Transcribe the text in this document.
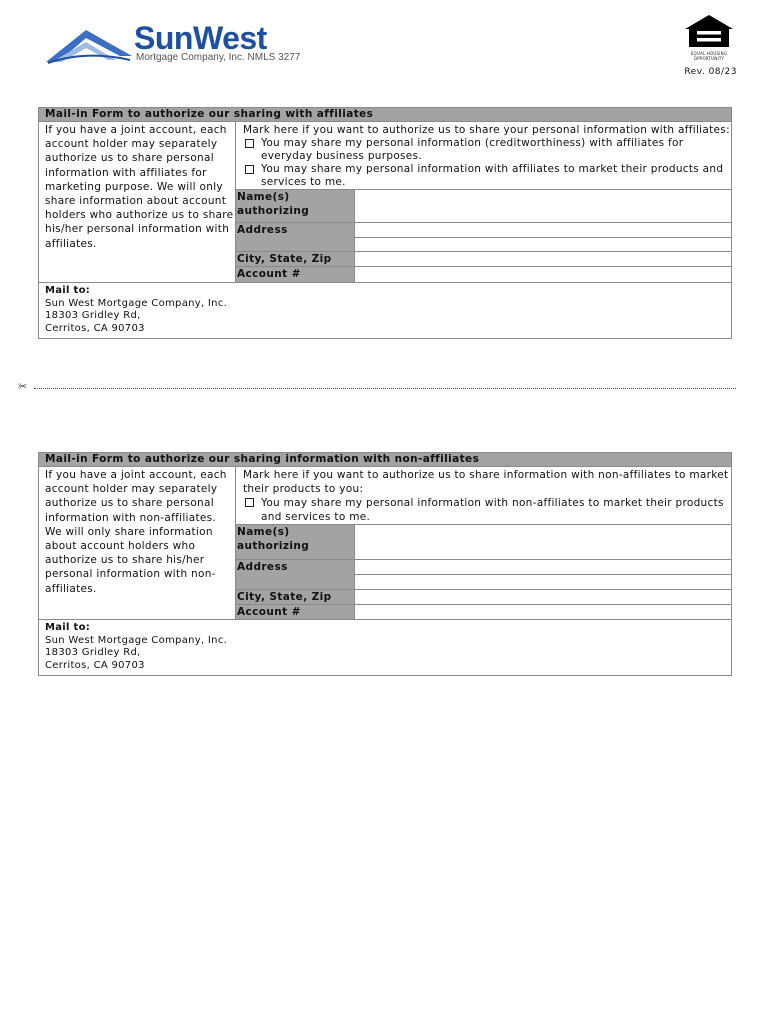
SunWest
Mortgage Company, Inc. NMLS 3277	EQUAL HOUSING OPPORTUNITY
Rev. 08/23
Mail-in Form to authorize our sharing with affiliates
If you have a joint account, each account holder may separately authorize us to share personal information with affiliates for marketing purpose. We will only share information about account holders who authorize us to share his/her personal information with affiliates.
Mark here if you want to authorize us to share your personal information with affiliates:
You may share my personal information (creditworthiness) with affiliates for everyday business purposes.
You may share my personal information with affiliates to market their products and services to me.
Name(s) authorizing
Address
City, State, Zip
Account #
Mail to:
Sun West Mortgage Company, Inc.
18303 Gridley Rd,
Cerritos, CA 90703
✂
Mail-in Form to authorize our sharing information with non-affiliates
If you have a joint account, each account holder may separately authorize us to share personal information with non-affiliates. We will only share information about account holders who authorize us to share his/her personal information with non-affiliates.
Mark here if you want to authorize us to share information with non-affiliates to market their products to you:
You may share my personal information with non-affiliates to market their products and services to me.
Name(s) authorizing
Address
City, State, Zip
Account #
Mail to:
Sun West Mortgage Company, Inc.
18303 Gridley Rd,
Cerritos, CA 90703
